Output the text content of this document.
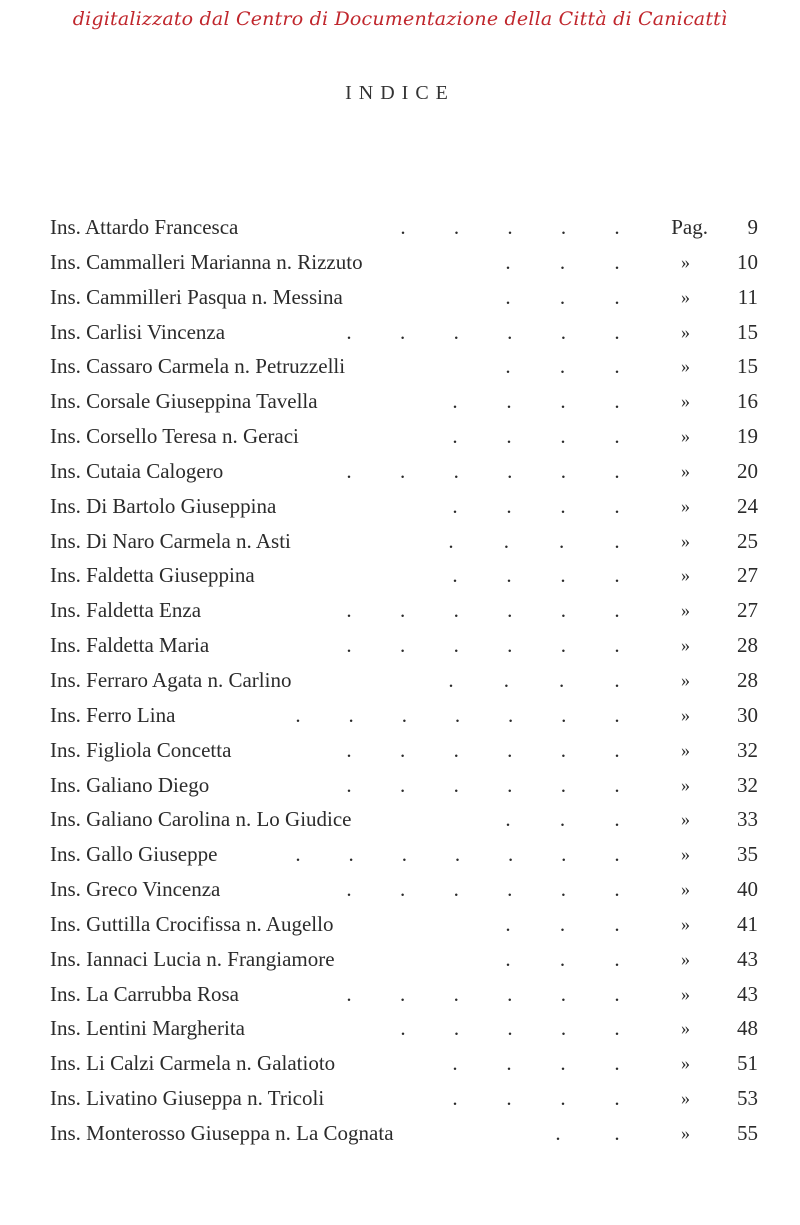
digitalizzato dal Centro di Documentazione della Città di Canicattì
INDICE
Ins. Attardo Francesca	. . . . .	Pag. 9
Ins. Cammalleri Marianna n. Rizzuto	. . .	» 10
Ins. Cammilleri Pasqua n. Messina	. . .	» 11
Ins. Carlisi Vincenza	. . . . . .	» 15
Ins. Cassaro Carmela n. Petruzzelli	. . .	» 15
Ins. Corsale Giuseppina Tavella	. . . .	» 16
Ins. Corsello Teresa n. Geraci	. . . .	» 19
Ins. Cutaia Calogero	. . . . . .	» 20
Ins. Di Bartolo Giuseppina	. . . .	» 24
Ins. Di Naro Carmela n. Asti	. . . .	» 25
Ins. Faldetta Giuseppina	. . . .	» 27
Ins. Faldetta Enza	. . . . . .	» 27
Ins. Faldetta Maria	. . . . . .	» 28
Ins. Ferraro Agata n. Carlino	. . . .	» 28
Ins. Ferro Lina	. . . . . . .	» 30
Ins. Figliola Concetta	. . . . . .	» 32
Ins. Galiano Diego	. . . . . .	» 32
Ins. Galiano Carolina n. Lo Giudice	. . .	» 33
Ins. Gallo Giuseppe	. . . . . . .	» 35
Ins. Greco Vincenza	. . . . . .	» 40
Ins. Guttilla Crocifissa n. Augello	. . .	» 41
Ins. Iannaci Lucia n. Frangiamore	. . .	» 43
Ins. La Carrubba Rosa	. . . . . .	» 43
Ins. Lentini Margherita	. . . . .	» 48
Ins. Li Calzi Carmela n. Galatioto	. . . .	» 51
Ins. Livatino Giuseppa n. Tricoli	. . . .	» 53
Ins. Monterosso Giuseppa n. La Cognata	.	.	» 55
